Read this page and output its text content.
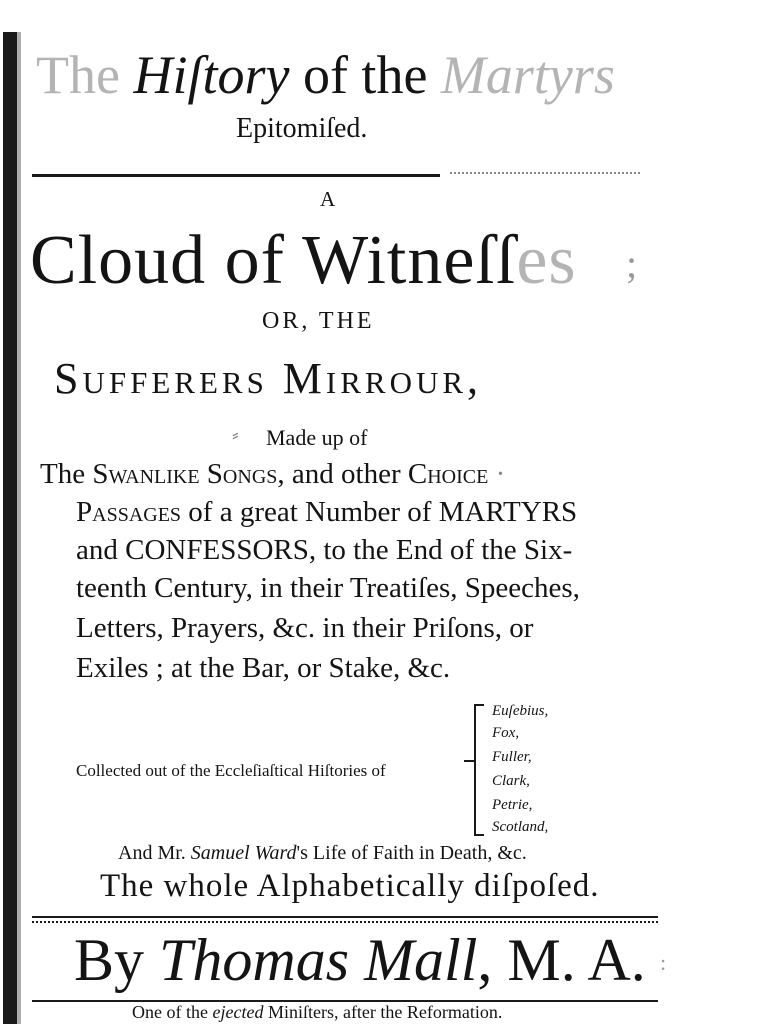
The Hiſtory of the Martyrs
Epitomiſed.
A
Cloud of Witneſſes ;
OR, THE
Sufferers Mirrour,
⸗ Made up of
The Swanlike Songs, and other Choice ·
Passages of a great Number of MARTYRS
and CONFESSORS, to the End of the Six-
teenth Century, in their Treatiſes, Speeches,
Letters, Prayers, &c. in their Priſons, or
Exiles ; at the Bar, or Stake, &c.
Collected out of the Eccleſiaſtical Hiſtories of
Euſebius,
Fox,
Fuller,
Clark,
Petrie,
Scotland,
And Mr. Samuel Ward's Life of Faith in Death, &c.
The whole Alphabetically diſpoſed.
By Thomas Mall, M. A. :
One of the ejected Miniſters, after the Reformation.
